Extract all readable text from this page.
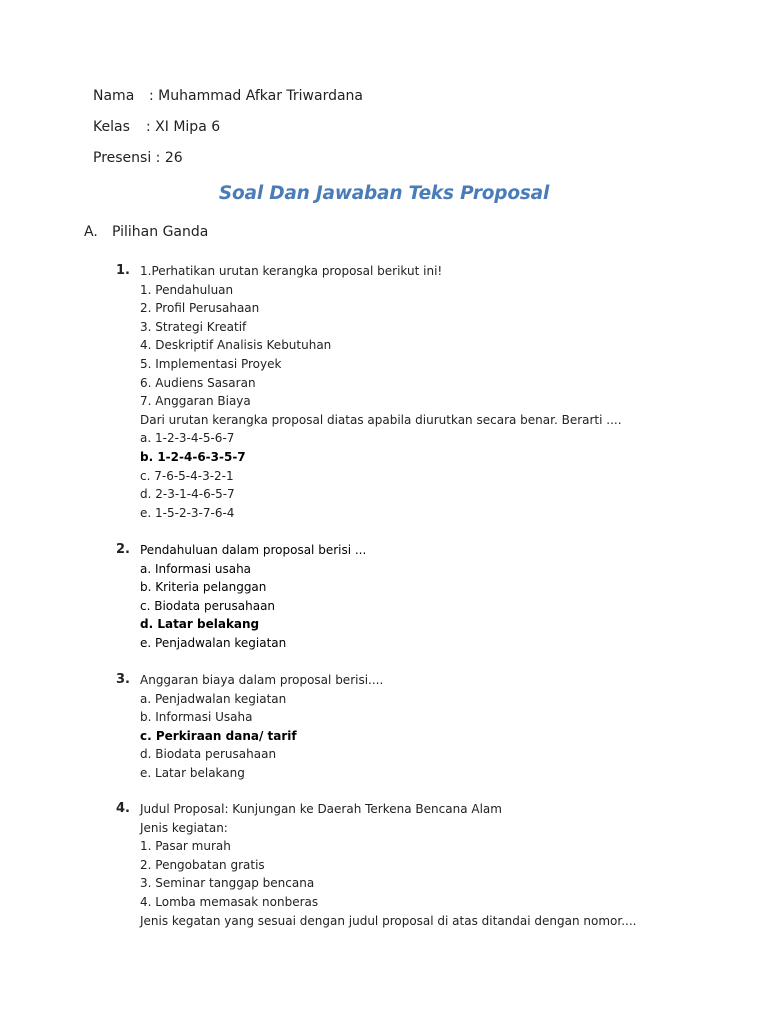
Nama : Muhammad Afkar Triwardana
Kelas : XI Mipa 6
Presensi : 26
Soal Dan Jawaban Teks Proposal
A. Pilihan Ganda
1. 1.Perhatikan urutan kerangka proposal berikut ini!
1. Pendahuluan
2. Profil Perusahaan
3. Strategi Kreatif
4. Deskriptif Analisis Kebutuhan
5. Implementasi Proyek
6. Audiens Sasaran
7. Anggaran Biaya
Dari urutan kerangka proposal diatas apabila diurutkan secara benar. Berarti ....
a. 1-2-3-4-5-6-7
b. 1-2-4-6-3-5-7
c. 7-6-5-4-3-2-1
d. 2-3-1-4-6-5-7
e. 1-5-2-3-7-6-4
2. Pendahuluan dalam proposal berisi ...
a. Informasi usaha
b. Kriteria pelanggan
c. Biodata perusahaan
d. Latar belakang
e. Penjadwalan kegiatan
3. Anggaran biaya dalam proposal berisi....
a. Penjadwalan kegiatan
b. Informasi Usaha
c. Perkiraan dana/ tarif
d. Biodata perusahaan
e. Latar belakang
4. Judul Proposal: Kunjungan ke Daerah Terkena Bencana Alam
Jenis kegiatan:
1. Pasar murah
2. Pengobatan gratis
3. Seminar tanggap bencana
4. Lomba memasak nonberas
Jenis kegatan yang sesuai dengan judul proposal di atas ditandai dengan nomor....
